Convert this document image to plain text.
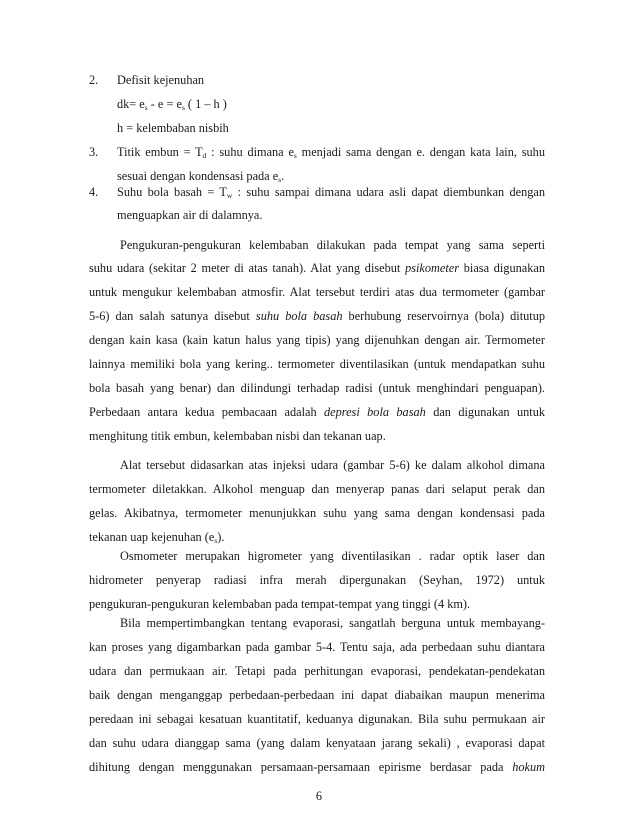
2. Defisit kejenuhan
$dk= e_s - e = e_s$ ( 1 – h )
h = kelembaban nisbih
3. Titik embun = $T_d$ : suhu dimana $e_s$ menjadi sama dengan e. dengan kata lain, suhu
sesuai dengan kondensasi pada $e_s$.
4. Suhu bola basah = $T_w$ : suhu sampai dimana udara asli dapat diembunkan dengan
menguapkan air di dalamnya.
Pengukuran-pengukuran kelembaban dilakukan pada tempat yang sama seperti
suhu udara (sekitar 2 meter di atas tanah). Alat yang disebut psikometer biasa digunakan
untuk mengukur kelembaban atmosfir. Alat tersebut terdiri atas dua termometer (gambar
5-6) dan salah satunya disebut suhu bola basah berhubung reservoirnya (bola) ditutup
dengan kain kasa (kain katun halus yang tipis) yang dijenuhkan dengan air. Termometer
lainnya memiliki bola yang kering.. termometer diventilasikan (untuk mendapatkan suhu
bola basah yang benar) dan dilindungi terhadap radisi (untuk menghindari penguapan).
Perbedaan antara kedua pembacaan adalah depresi bola basah dan digunakan untuk
menghitung titik embun, kelembaban nisbi dan tekanan uap.
Alat tersebut didasarkan atas injeksi udara (gambar 5-6) ke dalam alkohol dimana
termometer diletakkan. Alkohol menguap dan menyerap panas dari selaput perak dan
gelas. Akibatnya, termometer menunjukkan suhu yang sama dengan kondensasi pada
tekanan uap kejenuhan $(e_s)$.
Osmometer merupakan higrometer yang diventilasikan . radar optik laser dan
hidrometer penyerap radiasi infra merah dipergunakan (Seyhan, 1972) untuk
pengukuran-pengukuran kelembaban pada tempat-tempat yang tinggi (4 km).
Bila mempertimbangkan tentang evaporasi, sangatlah berguna untuk membayang-
kan proses yang digambarkan pada gambar 5-4. Tentu saja, ada perbedaan suhu diantara
udara dan permukaan air. Tetapi pada perhitungan evaporasi, pendekatan-pendekatan
baik dengan menganggap perbedaan-perbedaan ini dapat diabaikan maupun menerima
peredaan ini sebagai kesatuan kuantitatif, keduanya digunakan. Bila suhu permukaan air
dan suhu udara dianggap sama (yang dalam kenyataan jarang sekali) , evaporasi dapat
dihitung dengan menggunakan persamaan-persamaan epirisme berdasar pada hokum
6
